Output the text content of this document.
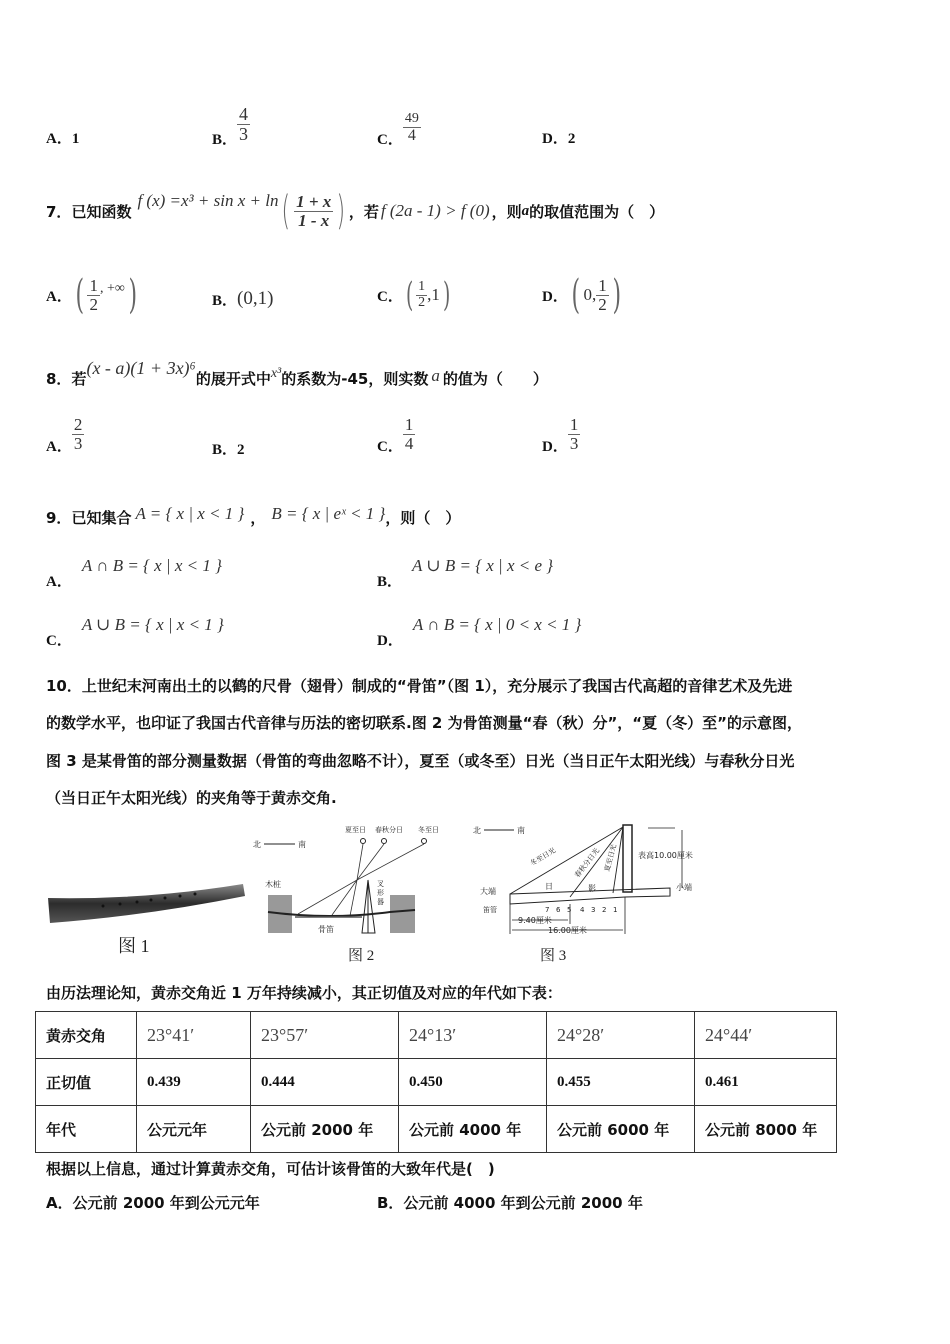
A．1	B． $\frac{4}{3}$	C． $\frac{49}{4}$	D．2
7． 已知函数
f (x) =x³ + sin x + ln ( $\frac{1 + x}{1 - x}$ ) ，若 f (2a - 1) > f (0) ，则 a 的取值范围为（　）
A． ( $\frac{1}{2}$ , +∞ )	B． (0,1)	C． ( $\frac{1}{2} ,1$ )	D． ( 0, $\frac{1}{2}$ )
8． 若
(x - a)(1 + 3x)⁶
的展开式中 x³ 的系数为-45，则实数 a 的值为（　　）
A． $\frac{2}{3}$	B．2	C． $\frac{1}{4}$	D． $\frac{1}{3}$
9． 已知集合 A = { x | x < 1 } ， B = { x | eˣ < 1 } ，则（　）
A．
A ∩ B = { x | x < 1 }
B．
A ∪ B = { x | x < e }
C．
A ∪ B = { x | x < 1 }
D．
A ∩ B = { x | 0 < x < 1 }
10．上世纪末河南出土的以鹤的尺骨（翅骨）制成的“骨笛”（图 1），充分展示了我国古代高超的音律艺术及先进
的数学水平，也印证了我国古代音律与历法的密切联系.图 2 为骨笛测量“春（秋）分”，“夏（冬）至”的示意图，
图 3 是某骨笛的部分测量数据（骨笛的弯曲忽略不计），夏至（或冬至）日光（当日正午太阳光线）与春秋分日光
（当日正午太阳光线）的夹角等于黄赤交角.
图 1
北	南
夏至日 春秋分日 冬至日
木桩	叉
形
器
骨笛
图 2
北	南
冬至日光 春秋分日光 夏至日光
日	影
大端	小端
表高10.00厘米
笛管	7 6 5 4 3 2 1
9.40厘米
16.00厘米
图 3
由历法理论知，黄赤交角近 1 万年持续减小，其正切值及对应的年代如下表：
黄赤交角	23°41′	23°57′	24°13′	24°28′	24°44′
正切值	0.439	0.444	0.450	0.455	0.461
年代	公元元年	公元前 2000 年	公元前 4000 年	公元前 6000 年	公元前 8000 年
根据以上信息，通过计算黄赤交角，可估计该骨笛的大致年代是(　)
A．公元前 2000 年到公元元年	B．公元前 4000 年到公元前 2000 年
